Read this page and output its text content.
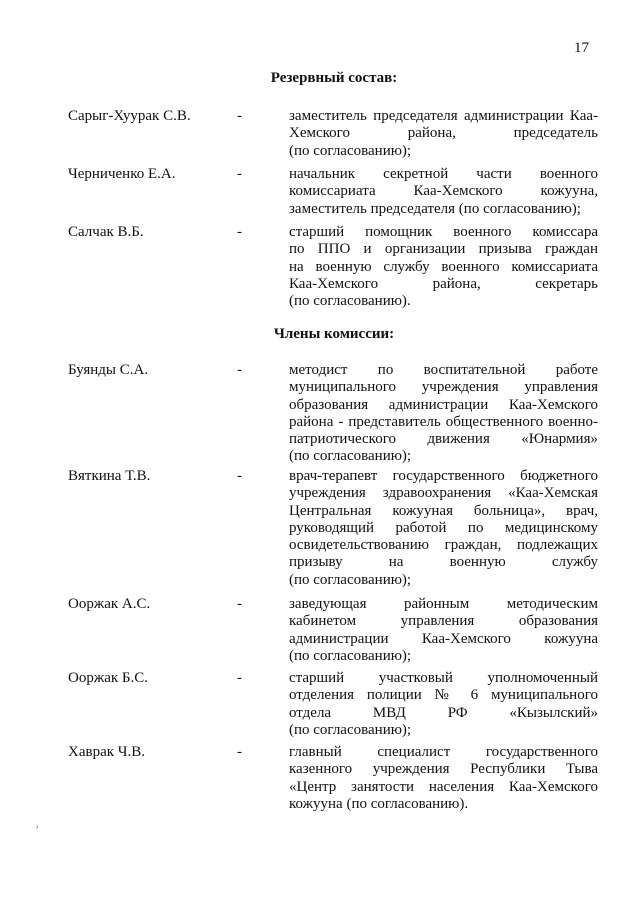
17
Резервный состав:
Сарыг-Хуурак С.В.	-	заместитель председателя администрации Каа-
Хемского района, председатель
(по согласованию);
Черниченко Е.А.	-	начальник секретной части военного
комиссариата Каа-Хемского кожууна,
заместитель председателя (по согласованию);
Салчак В.Б.	-	старший помощник военного комиссара
по ППО и организации призыва граждан
на военную службу военного комиссариата
Каа-Хемского района, секретарь
(по согласованию).
Члены комиссии:
Буянды С.А.	-	методист по воспитательной работе
муниципального учреждения управления
образования администрации Каа-Хемского
района - представитель общественного военно-
патриотического движения «Юнармия»
(по согласованию);
Вяткина Т.В.	-	врач-терапевт государственного бюджетного
учреждения здравоохранения «Каа-Хемская
Центральная кожууная больница», врач,
руководящий работой по медицинскому
освидетельствованию граждан, подлежащих
призыву на военную службу
(по согласованию);
Ооржак А.С.	-	заведующая районным методическим
кабинетом управления образования
администрации Каа-Хемского кожууна
(по согласованию);
Ооржак Б.С.	-	старший участковый уполномоченный
отделения полиции № 6 муниципального
отдела МВД РФ «Кызылский»
(по согласованию);
Хаврак Ч.В.	-	главный специалист государственного
казенного учреждения Республики Тыва
«Центр занятости населения Каа-Хемского
кожууна (по согласованию).
,
